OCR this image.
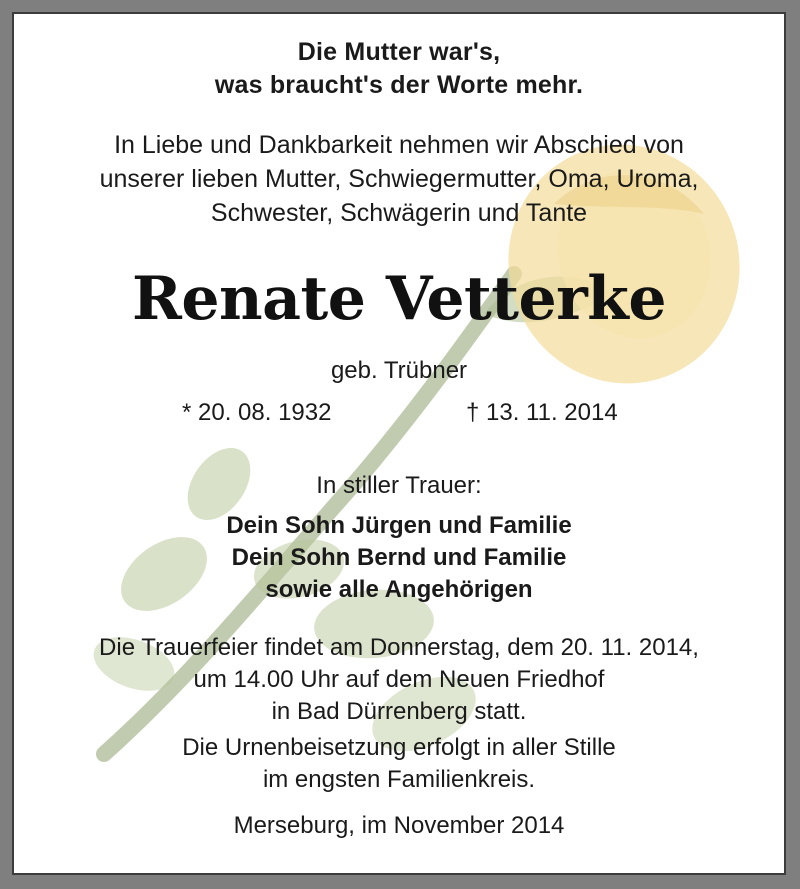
Die Mutter war's,
was braucht's der Worte mehr.
In Liebe und Dankbarkeit nehmen wir Abschied von
unserer lieben Mutter, Schwiegermutter, Oma, Uroma,
Schwester, Schwägerin und Tante
Renate Vetterke
geb. Trübner
* 20. 08. 1932	† 13. 11. 2014
In stiller Trauer:
Dein Sohn Jürgen und Familie
Dein Sohn Bernd und Familie
sowie alle Angehörigen
Die Trauerfeier findet am Donnerstag, dem 20. 11. 2014,
um 14.00 Uhr auf dem Neuen Friedhof
in Bad Dürrenberg statt.
Die Urnenbeisetzung erfolgt in aller Stille
im engsten Familienkreis.
Merseburg, im November 2014
